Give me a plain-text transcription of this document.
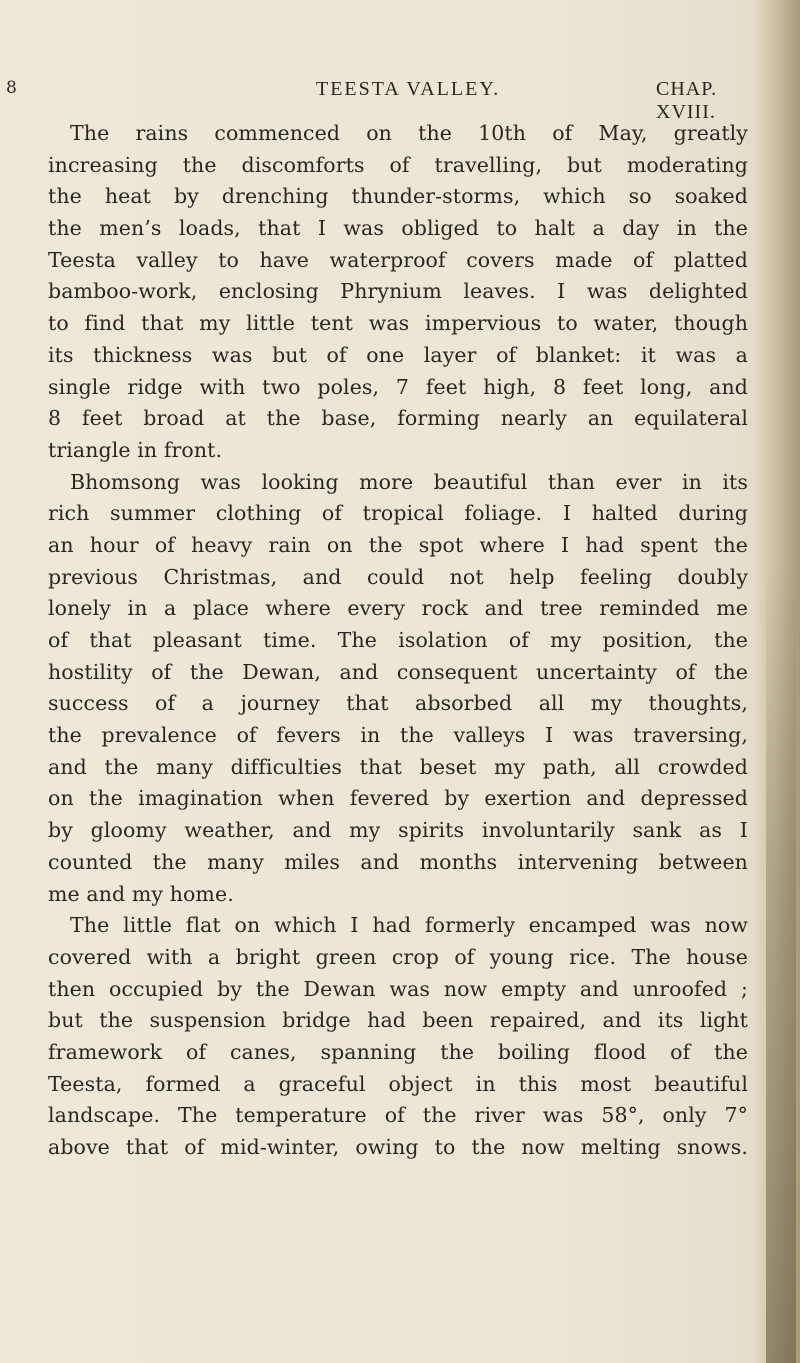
8	TEESTA VALLEY.	CHAP. XVIII.
The rains commenced on the 10th of May, greatly
increasing the discomforts of travelling, but moderating
the heat by drenching thunder-storms, which so soaked
the men’s loads, that I was obliged to halt a day in the
Teesta valley to have waterproof covers made of platted
bamboo-work, enclosing Phrynium leaves. I was delighted
to find that my little tent was impervious to water, though
its thickness was but of one layer of blanket: it was a
single ridge with two poles, 7 feet high, 8 feet long, and
8 feet broad at the base, forming nearly an equilateral
triangle in front.
Bhomsong was looking more beautiful than ever in its
rich summer clothing of tropical foliage. I halted during
an hour of heavy rain on the spot where I had spent the
previous Christmas, and could not help feeling doubly
lonely in a place where every rock and tree reminded me
of that pleasant time. The isolation of my position, the
hostility of the Dewan, and consequent uncertainty of the
success of a journey that absorbed all my thoughts,
the prevalence of fevers in the valleys I was traversing,
and the many difficulties that beset my path, all crowded
on the imagination when fevered by exertion and depressed
by gloomy weather, and my spirits involuntarily sank as I
counted the many miles and months intervening between
me and my home.
The little flat on which I had formerly encamped was now
covered with a bright green crop of young rice. The house
then occupied by the Dewan was now empty and unroofed ;
but the suspension bridge had been repaired, and its light
framework of canes, spanning the boiling flood of the
Teesta, formed a graceful object in this most beautiful
landscape. The temperature of the river was 58°, only 7°
above that of mid-winter, owing to the now melting snows.
